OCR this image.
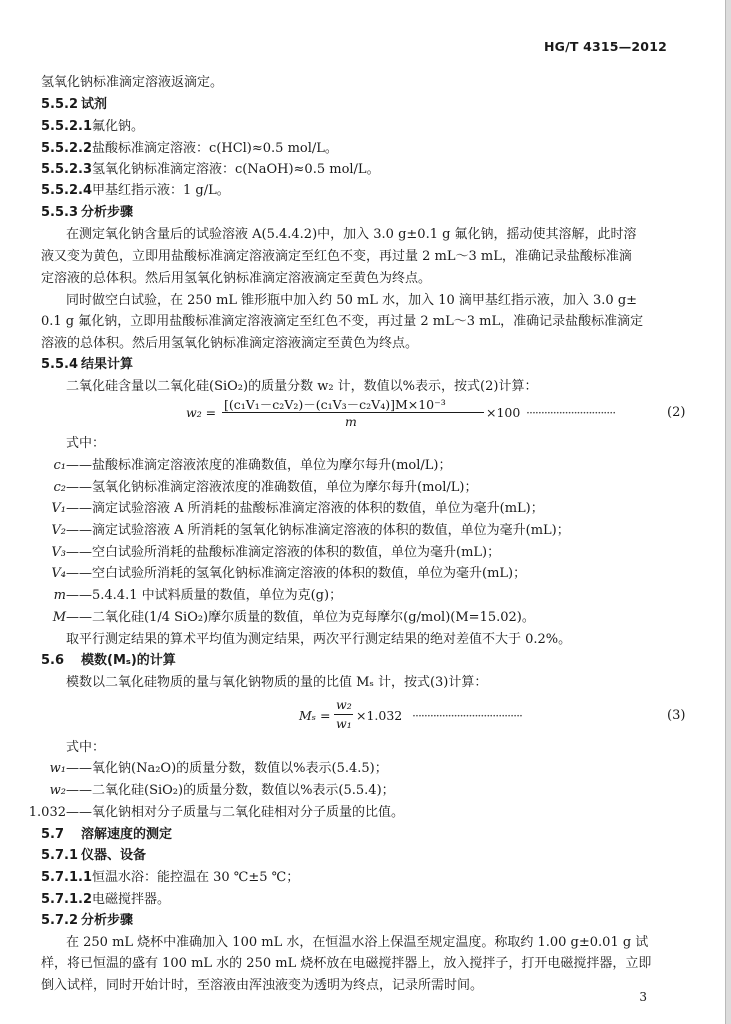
HG/T 4315—2012
氢氧化钠标准滴定溶液返滴定。
5.5.2 试剂
5.5.2.1氟化钠。
5.5.2.2盐酸标准滴定溶液：c(HCl)≈0.5 mol/L。
5.5.2.3氢氧化钠标准滴定溶液：c(NaOH)≈0.5 mol/L。
5.5.2.4甲基红指示液：1 g/L。
5.5.3 分析步骤
在测定氧化钠含量后的试验溶液 A(5.4.4.2)中，加入 3.0 g±0.1 g 氟化钠，摇动使其溶解，此时溶
液又变为黄色，立即用盐酸标准滴定溶液滴定至红色不变，再过量 2 mL～3 mL，准确记录盐酸标准滴
定溶液的总体积。然后用氢氧化钠标准滴定溶液滴定至黄色为终点。
同时做空白试验，在 250 mL 锥形瓶中加入约 50 mL 水，加入 10 滴甲基红指示液，加入 3.0 g±
0.1 g 氟化钠，立即用盐酸标准滴定溶液滴定至红色不变，再过量 2 mL～3 mL，准确记录盐酸标准滴定
溶液的总体积。然后用氢氧化钠标准滴定溶液滴定至黄色为终点。
5.5.4 结果计算
二氧化硅含量以二氧化硅(SiO₂)的质量分数 w₂ 计，数值以%表示，按式(2)计算：
w₂ =
[(c₁V₁－c₂V₂)－(c₁V₃－c₂V₄)]M×10⁻³
m
×100 ······························	(2)
式中：
c₁——盐酸标准滴定溶液浓度的准确数值，单位为摩尔每升(mol/L)；
c₂——氢氧化钠标准滴定溶液浓度的准确数值，单位为摩尔每升(mol/L)；
V₁——滴定试验溶液 A 所消耗的盐酸标准滴定溶液的体积的数值，单位为毫升(mL)；
V₂——滴定试验溶液 A 所消耗的氢氧化钠标准滴定溶液的体积的数值，单位为毫升(mL)；
V₃——空白试验所消耗的盐酸标准滴定溶液的体积的数值，单位为毫升(mL)；
V₄——空白试验所消耗的氢氧化钠标准滴定溶液的体积的数值，单位为毫升(mL)；
m——5.4.4.1 中试料质量的数值，单位为克(g)；
M——二氧化硅(1/4 SiO₂)摩尔质量的数值，单位为克每摩尔(g/mol)(M=15.02)。
取平行测定结果的算术平均值为测定结果，两次平行测定结果的绝对差值不大于 0.2%。
5.6 模数(Mₛ)的计算
模数以二氧化硅物质的量与氧化钠物质的量的比值 Mₛ 计，按式(3)计算：
Mₛ =
w₂
w₁
×1.032 ·····································	(3)
式中：
w₁——氧化钠(Na₂O)的质量分数，数值以%表示(5.4.5)；
w₂——二氧化硅(SiO₂)的质量分数，数值以%表示(5.5.4)；
1.032——氧化钠相对分子质量与二氧化硅相对分子质量的比值。
5.7 溶解速度的测定
5.7.1 仪器、设备
5.7.1.1恒温水浴：能控温在 30 ℃±5 ℃；
5.7.1.2电磁搅拌器。
5.7.2 分析步骤
在 250 mL 烧杯中准确加入 100 mL 水，在恒温水浴上保温至规定温度。称取约 1.00 g±0.01 g 试
样，将已恒温的盛有 100 mL 水的 250 mL 烧杯放在电磁搅拌器上，放入搅拌子，打开电磁搅拌器，立即
倒入试样，同时开始计时，至溶液由浑浊液变为透明为终点，记录所需时间。
3
